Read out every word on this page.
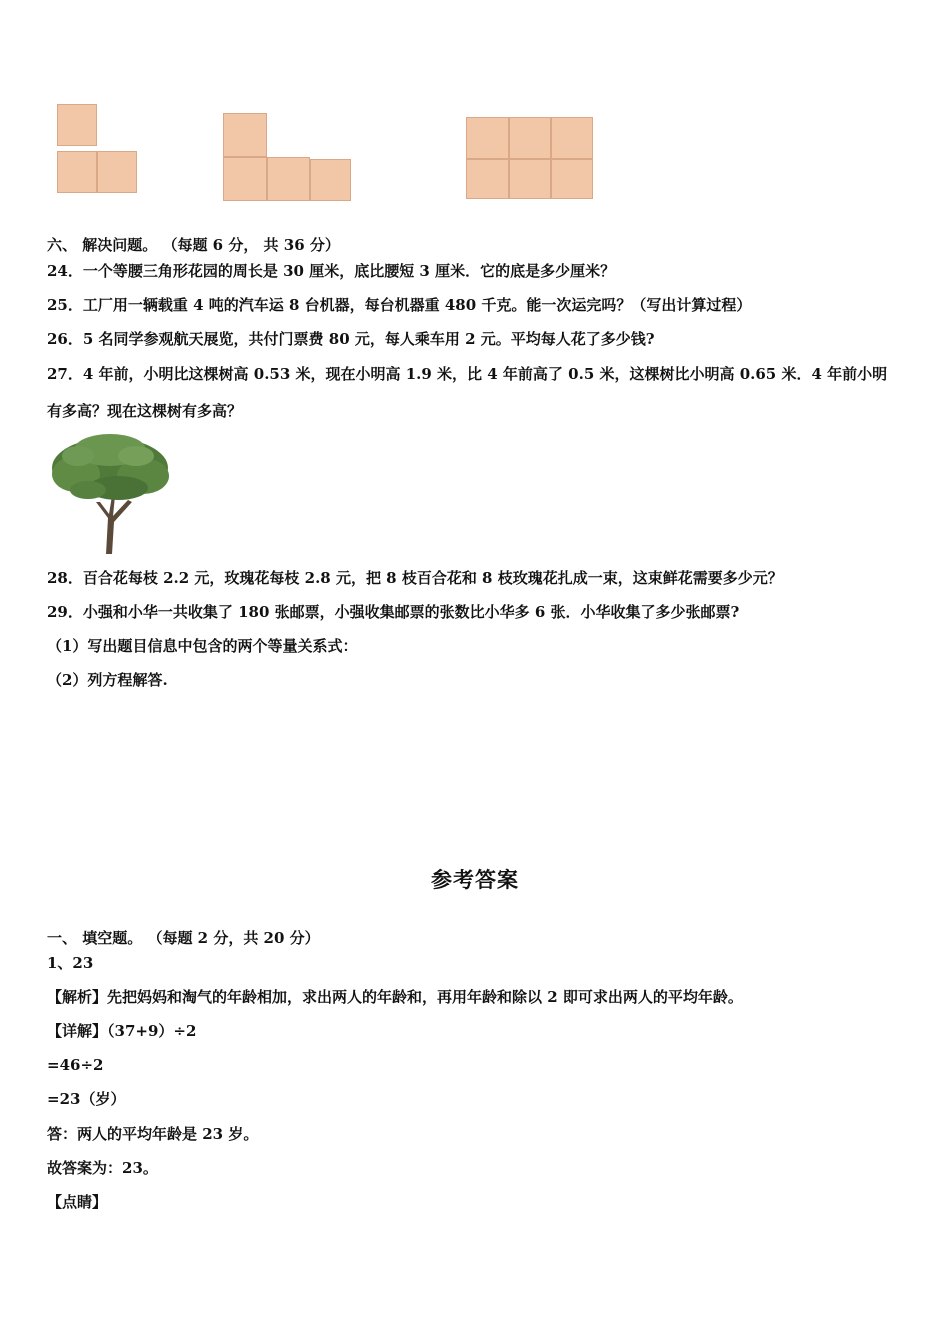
六、 解决问题。 （每题 6 分， 共 36 分）
24．一个等腰三角形花园的周长是 30 厘米，底比腰短 3 厘米．它的底是多少厘米？
25．工厂用一辆载重 4 吨的汽车运 8 台机器，每台机器重 480 千克。能一次运完吗？（写出计算过程）
26．5 名同学参观航天展览，共付门票费 80 元，每人乘车用 2 元。平均每人花了多少钱?
27．4 年前，小明比这棵树高 0.53 米，现在小明高 1.9 米，比 4 年前高了 0.5 米，这棵树比小明高 0.65 米．4 年前小明
有多高？现在这棵树有多高？
28．百合花每枝 2.2 元，玫瑰花每枝 2.8 元，把 8 枝百合花和 8 枝玫瑰花扎成一束，这束鲜花需要多少元？
29．小强和小华一共收集了 180 张邮票，小强收集邮票的张数比小华多 6 张．小华收集了多少张邮票?
（1）写出题目信息中包含的两个等量关系式：
（2）列方程解答.
参考答案
一、 填空题。 （每题 2 分，共 20 分）
1、23
【解析】先把妈妈和淘气的年龄相加，求出两人的年龄和，再用年龄和除以 2 即可求出两人的平均年龄。
【详解】（37+9）÷2
=46÷2
=23（岁）
答：两人的平均年龄是 23 岁。
故答案为：23。
【点睛】
